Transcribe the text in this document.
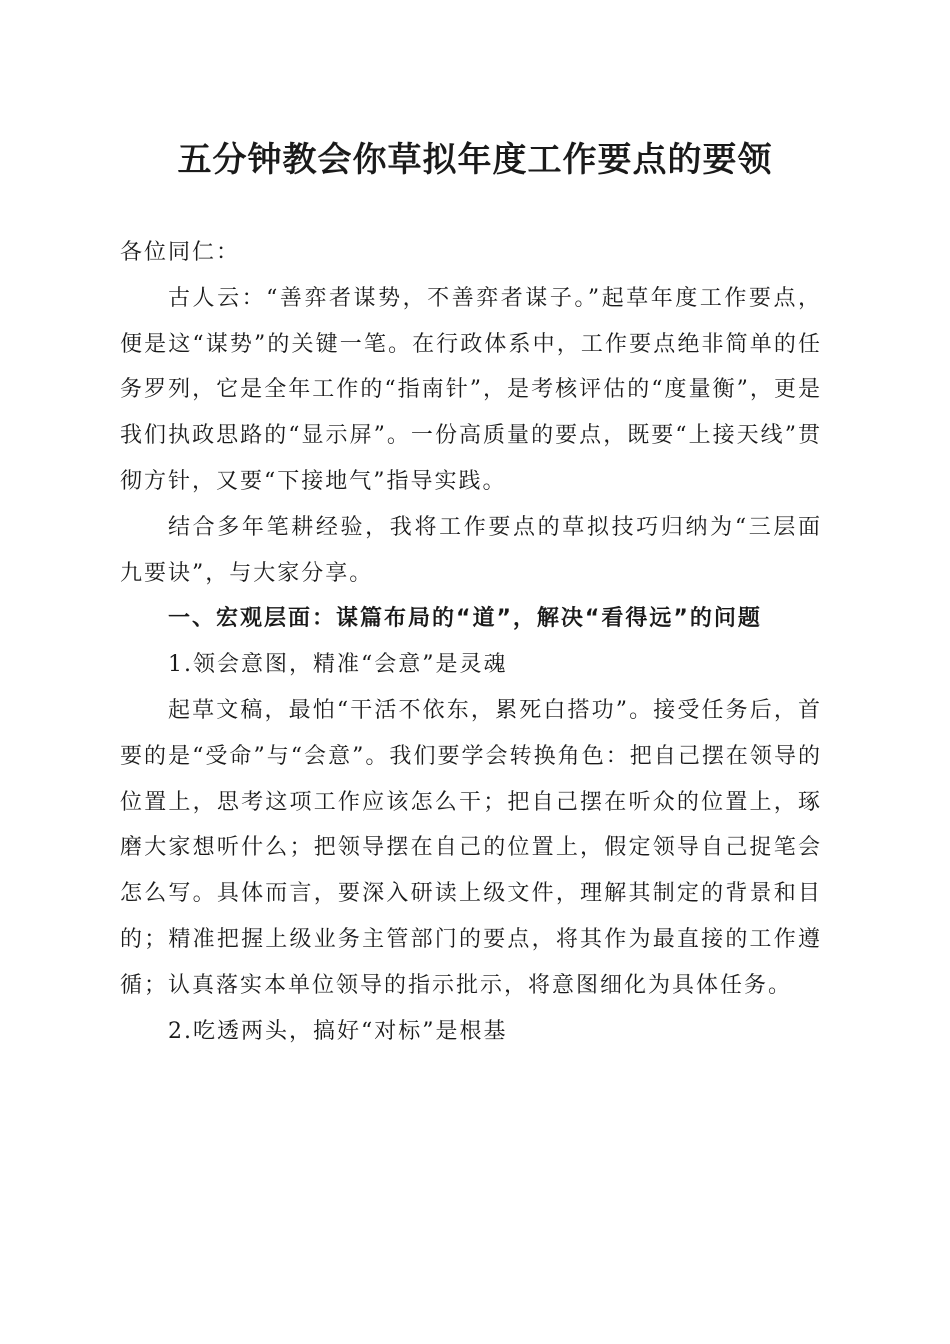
五分钟教会你草拟年度工作要点的要领

各位同仁：

古人云：“善弈者谋势，不善弈者谋子。”起草年度工作要点，便是这“谋势”的关键一笔。在行政体系中，工作要点绝非简单的任务罗列，它是全年工作的“指南针”，是考核评估的“度量衡”，更是我们执政思路的“显示屏”。一份高质量的要点，既要“上接天线”贯彻方针，又要“下接地气”指导实践。

结合多年笔耕经验，我将工作要点的草拟技巧归纳为“三层面九要诀”，与大家分享。

一、宏观层面：谋篇布局的“道”，解决“看得远”的问题

1.领会意图，精准“会意”是灵魂

起草文稿，最怕“干活不依东，累死白搭功”。接受任务后，首要的是“受命”与“会意”。我们要学会转换角色：把自己摆在领导的位置上，思考这项工作应该怎么干；把自己摆在听众的位置上，琢磨大家想听什么；把领导摆在自己的位置上，假定领导自己捉笔会怎么写。具体而言，要深入研读上级文件，理解其制定的背景和目的；精准把握上级业务主管部门的要点，将其作为最直接的工作遵循；认真落实本单位领导的指示批示，将意图细化为具体任务。

2.吃透两头，搞好“对标”是根基
